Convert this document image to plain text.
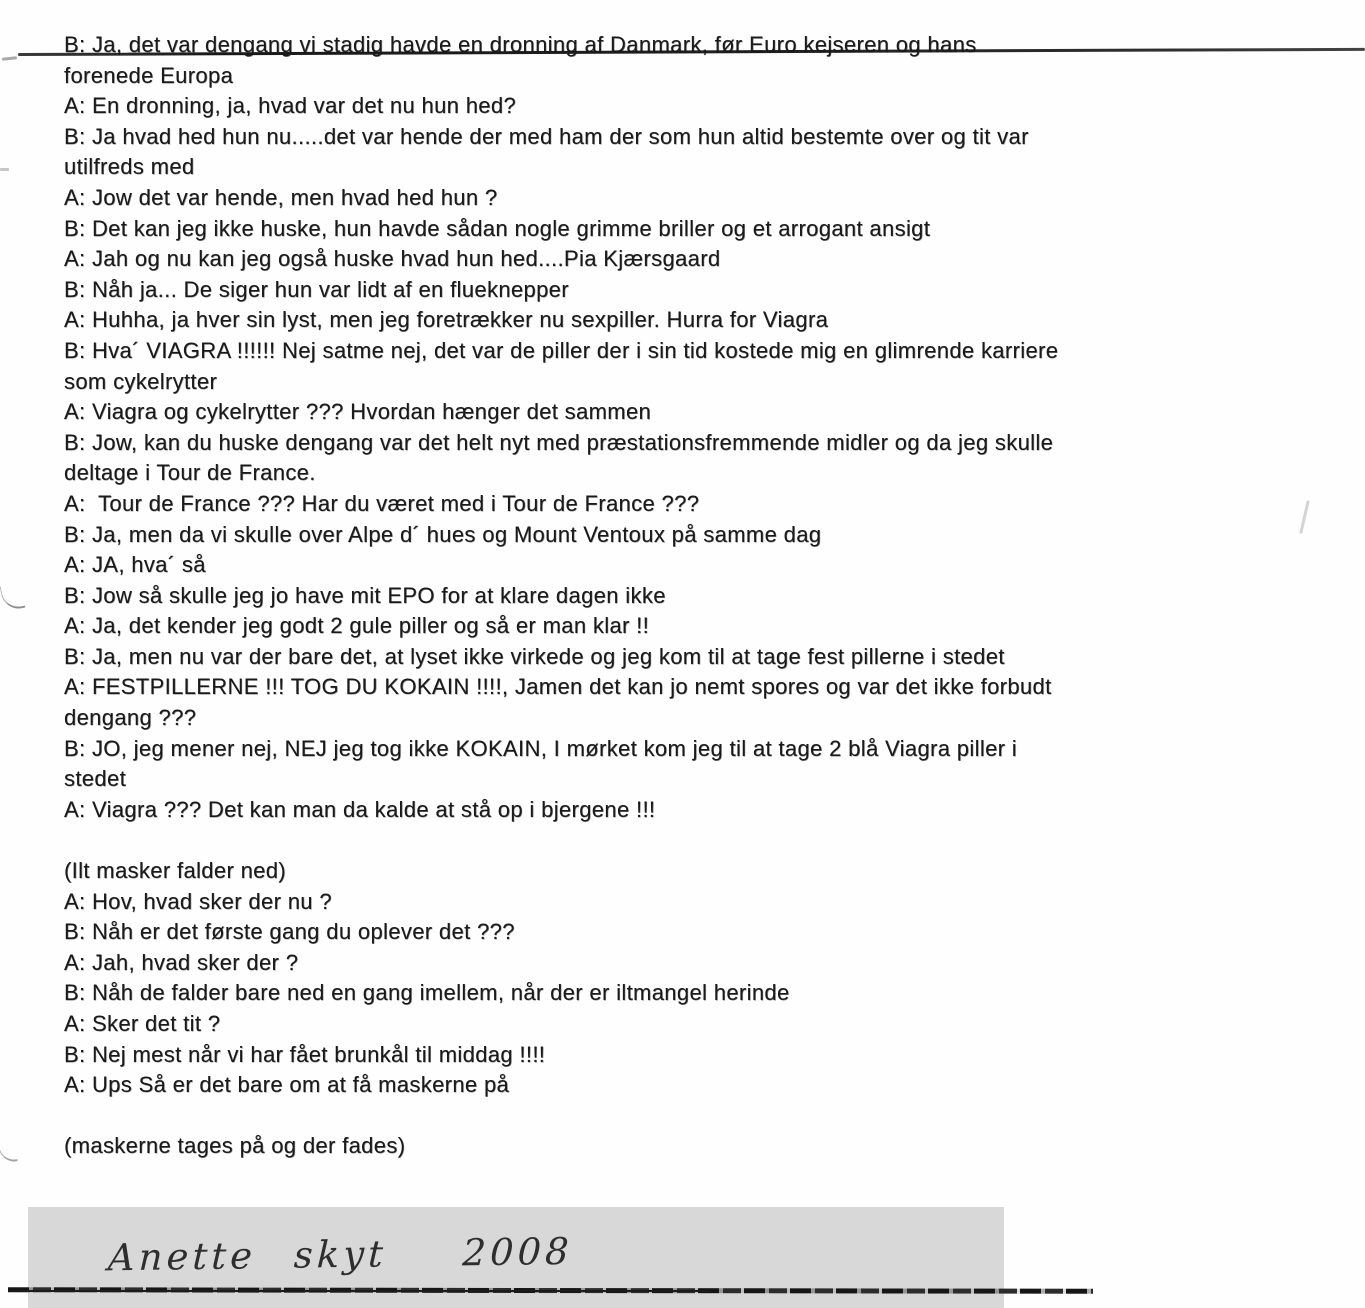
B: Ja, det var dengang vi stadig havde en dronning af Danmark, før Euro kejseren og hans
forenede Europa
A: En dronning, ja, hvad var det nu hun hed?
B: Ja hvad hed hun nu.....det var hende der med ham der som hun altid bestemte over og tit var
utilfreds med
A: Jow det var hende, men hvad hed hun ?
B: Det kan jeg ikke huske, hun havde sådan nogle grimme briller og et arrogant ansigt
A: Jah og nu kan jeg også huske hvad hun hed....Pia Kjærsgaard
B: Nåh ja... De siger hun var lidt af en flueknepper
A: Huhha, ja hver sin lyst, men jeg foretrækker nu sexpiller. Hurra for Viagra
B: Hva´ VIAGRA !!!!!! Nej satme nej, det var de piller der i sin tid kostede mig en glimrende karriere
som cykelrytter
A: Viagra og cykelrytter ??? Hvordan hænger det sammen
B: Jow, kan du huske dengang var det helt nyt med præstationsfremmende midler og da jeg skulle
deltage i Tour de France.
A:  Tour de France ??? Har du været med i Tour de France ???
B: Ja, men da vi skulle over Alpe d´ hues og Mount Ventoux på samme dag
A: JA, hva´ så
B: Jow så skulle jeg jo have mit EPO for at klare dagen ikke
A: Ja, det kender jeg godt 2 gule piller og så er man klar !!
B: Ja, men nu var der bare det, at lyset ikke virkede og jeg kom til at tage fest pillerne i stedet
A: FESTPILLERNE !!! TOG DU KOKAIN !!!!, Jamen det kan jo nemt spores og var det ikke forbudt
dengang ???
B: JO, jeg mener nej, NEJ jeg tog ikke KOKAIN, I mørket kom jeg til at tage 2 blå Viagra piller i
stedet
A: Viagra ??? Det kan man da kalde at stå op i bjergene !!!
(Ilt masker falder ned)
A: Hov, hvad sker der nu ?
B: Nåh er det første gang du oplever det ???
A: Jah, hvad sker der ?
B: Nåh de falder bare ned en gang imellem, når der er iltmangel herinde
A: Sker det tit ?
B: Nej mest når vi har fået brunkål til middag !!!!
A: Ups Så er det bare om at få maskerne på
(maskerne tages på og der fades)
Anette skyt  2008
